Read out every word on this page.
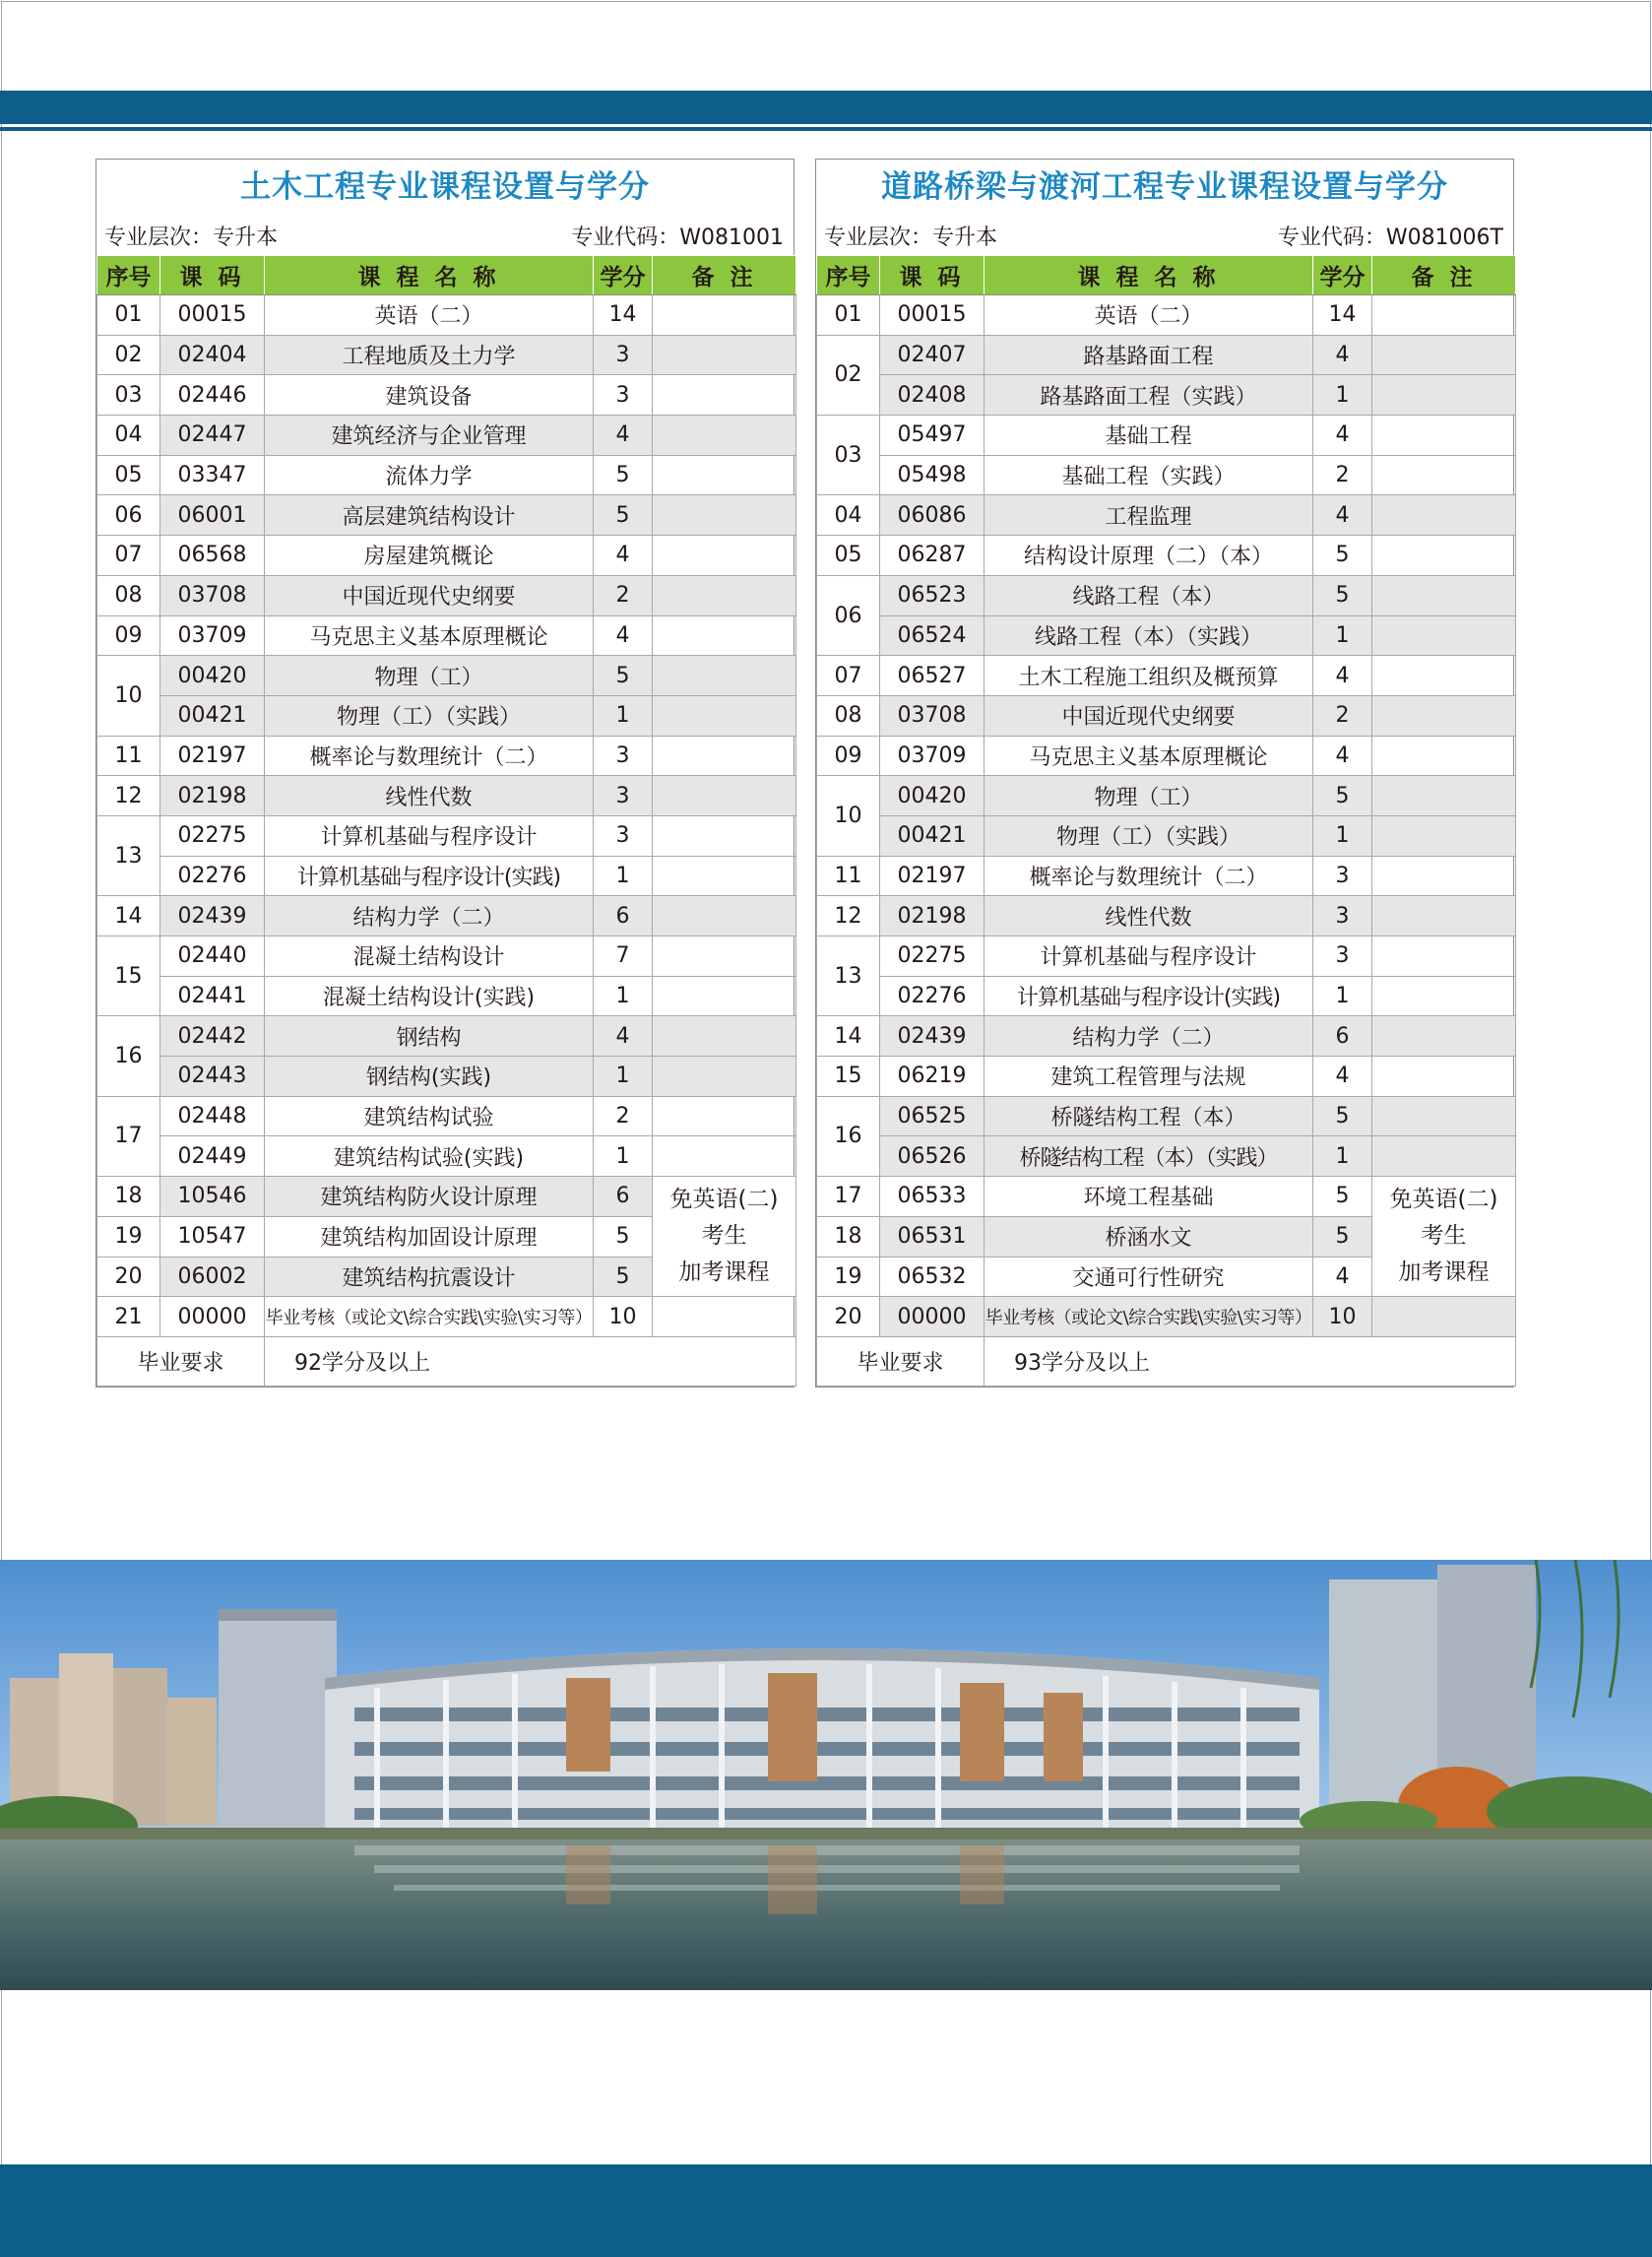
土木工程专业课程设置与学分
专业层次：专升本	专业代码：W081001
序号	课 码	课 程 名 称	学分	备 注
01	00015	英语（二）	14	
02	02404	工程地质及土力学	3	
03	02446	建筑设备	3	
04	02447	建筑经济与企业管理	4	
05	03347	流体力学	5	
06	06001	高层建筑结构设计	5	
07	06568	房屋建筑概论	4	
08	03708	中国近现代史纲要	2	
09	03709	马克思主义基本原理概论	4	
10	00420	物理（工）	5	
	00421	物理（工）（实践）	1	
11	02197	概率论与数理统计（二）	3	
12	02198	线性代数	3	
13	02275	计算机基础与程序设计	3	
	02276	计算机基础与程序设计(实践)	1	
14	02439	结构力学（二）	6	
15	02440	混凝土结构设计	7	
	02441	混凝土结构设计(实践)	1	
16	02442	钢结构	4	
	02443	钢结构(实践)	1	
17	02448	建筑结构试验	2	
	02449	建筑结构试验(实践)	1	
18	10546	建筑结构防火设计原理	6	免英语(二)
考生
加考课程

19	10547	建筑结构加固设计原理	5	
20	06002	建筑结构抗震设计	5	
21	00000	毕业考核（或论文\综合实践\实验\实习等）	10	
毕业要求		92学分及以上		
道路桥梁与渡河工程专业课程设置与学分
专业层次：专升本	专业代码：W081006T
序号	课 码	课 程 名 称	学分	备 注
01	00015	英语（二）	14	
02	02407	路基路面工程	4	
	02408	路基路面工程（实践）	1	
03	05497	基础工程	4	
	05498	基础工程（实践）	2	
04	06086	工程监理	4	
05	06287	结构设计原理（二）（本）	5	
06	06523	线路工程（本）	5	
	06524	线路工程（本）（实践）	1	
07	06527	土木工程施工组织及概预算	4	
08	03708	中国近现代史纲要	2	
09	03709	马克思主义基本原理概论	4	
10	00420	物理（工）	5	
	00421	物理（工）（实践）	1	
11	02197	概率论与数理统计（二）	3	
12	02198	线性代数	3	
13	02275	计算机基础与程序设计	3	
	02276	计算机基础与程序设计(实践)	1	
14	02439	结构力学（二）	6	
15	06219	建筑工程管理与法规	4	
16	06525	桥隧结构工程（本）	5	
	06526	桥隧结构工程（本）（实践）	1	
17	06533	环境工程基础	5	免英语(二)
考生
加考课程

18	06531	桥涵水文	5	
19	06532	交通可行性研究	4	
20	00000	毕业考核（或论文\综合实践\实验\实习等）	10	
毕业要求		93学分及以上		
